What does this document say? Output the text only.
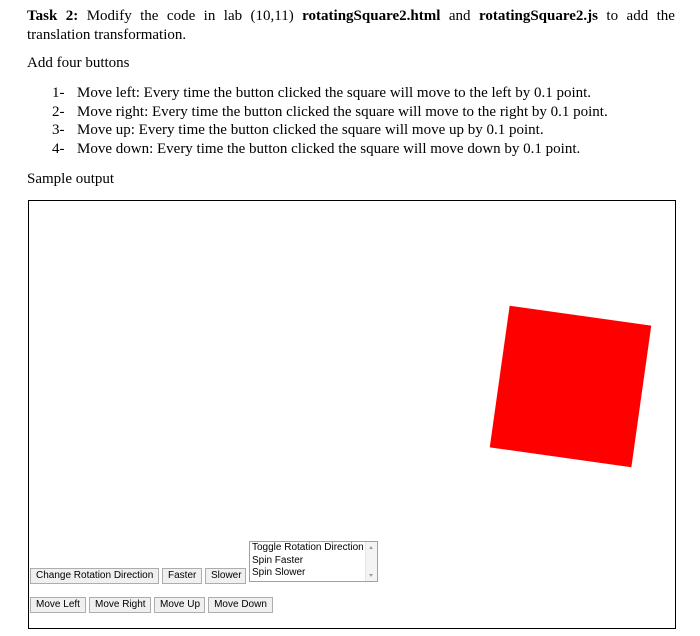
Task 2: Modify the code in lab (10,11) rotatingSquare2.html and rotatingSquare2.js to add the translation transformation.
Add four buttons
1- Move left: Every time the button clicked the square will move to the left by 0.1 point.
2- Move right: Every time the button clicked the square will move to the right by 0.1 point.
3- Move up: Every time the button clicked the square will move up by 0.1 point.
4- Move down: Every time the button clicked the square will move down by 0.1 point.
Sample output
Toggle Rotation Direction
Spin Faster
Spin Slower
Change Rotation Direction	Faster	Slower
Move Left	Move Right	Move Up	Move Down
